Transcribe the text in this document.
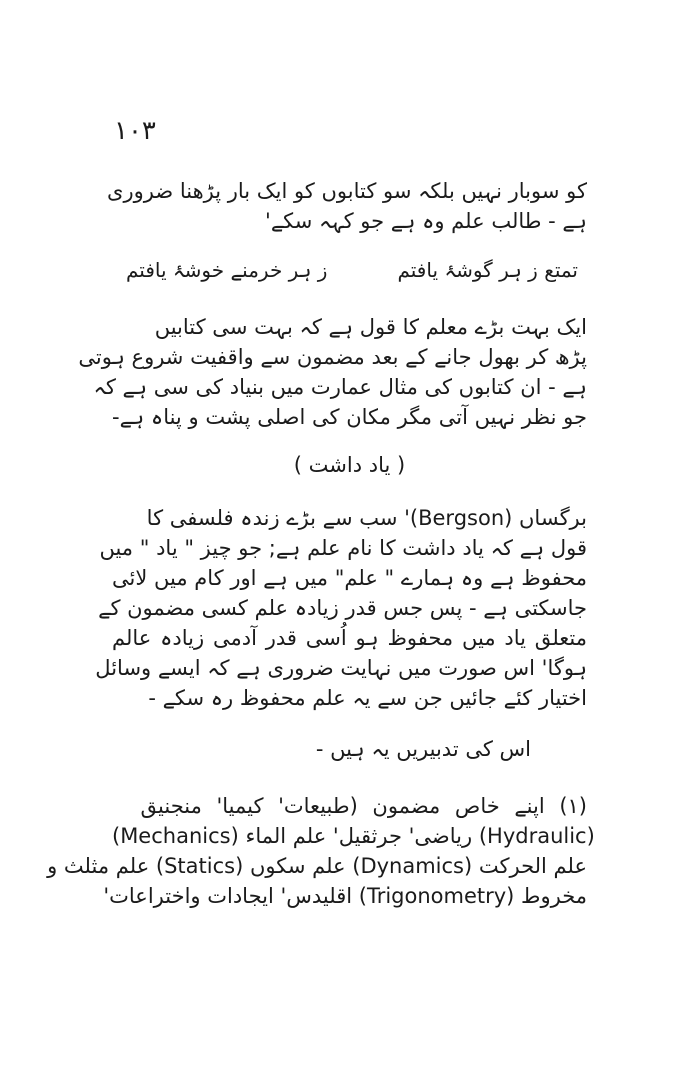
۱۰۳
کو سوبار نہیں بلکہ سو کتابوں کو ایک بار پڑھنا ضروری
ہے - طالب علم وہ ہے جو کہہ سکے'
تمتع ز ہر گوشۂ یافتم
ز ہر خرمنے خوشۂ یافتم
ایک بہت بڑے معلم کا قول ہے کہ بہت سی کتابیں
پڑھ کر بھول جانے کے بعد مضمون سے واقفیت شروع ہوتی
ہے - ان کتابوں کی مثال عمارت میں بنیاد کی سی ہے کہ
جو نظر نہیں آتی مگر مکان کی اصلی پشت و پناہ ہے-
( یاد داشت )
برگساں (Bergson)' سب سے بڑے زندہ فلسفی کا
قول ہے کہ یاد داشت کا نام علم ہے; جو چیز " یاد " میں
محفوظ ہے وہ ہمارے " علم" میں ہے اور کام میں لائی
جاسکتی ہے - پس جس قدر زیادہ علم کسی مضمون کے
متعلق یاد میں محفوظ ہو اُسی قدر آدمی زیادہ عالم
ہوگا' اس صورت میں نہایت ضروری ہے کہ ایسے وسائل
اختیار کئے جائیں جن سے یہ علم محفوظ رہ سکے -
اس کی تدبیریں یہ ہیں -
(۱) اپنے خاص مضمون (طبیعات' کیمیا' منجنیق
(Mechanics) ریاضی' جرثقیل' علم الماء (Hydraulic)
علم الحرکت (Dynamics) علم سکوں (Statics) علم مثلث و
مخروط (Trigonometry) اقلیدس' ایجادات واختراعات'
